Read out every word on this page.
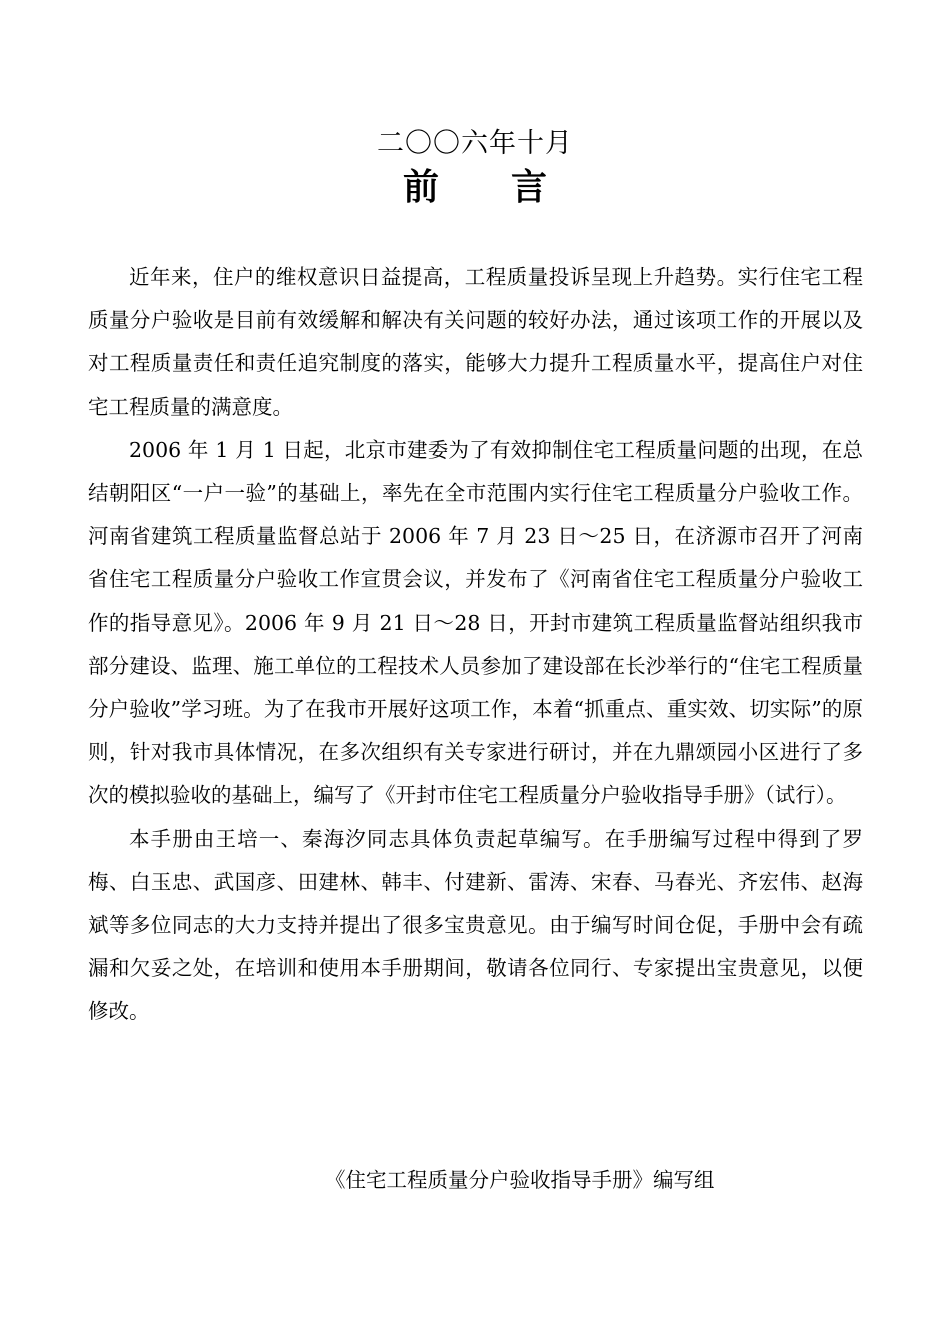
二〇〇六年十月
前 言

近年来，住户的维权意识日益提高，工程质量投诉呈现上升趋势。实行住宅工程质量分户验收是目前有效缓解和解决有关问题的较好办法，通过该项工作的开展以及对工程质量责任和责任追究制度的落实，能够大力提升工程质量水平，提高住户对住宅工程质量的满意度。

2006 年 1 月 1 日起，北京市建委为了有效抑制住宅工程质量问题的出现，在总结朝阳区“一户一验”的基础上，率先在全市范围内实行住宅工程质量分户验收工作。河南省建筑工程质量监督总站于 2006 年 7 月 23 日～25 日，在济源市召开了河南省住宅工程质量分户验收工作宣贯会议，并发布了《河南省住宅工程质量分户验收工作的指导意见》。2006 年 9 月 21 日～28 日，开封市建筑工程质量监督站组织我市部分建设、监理、施工单位的工程技术人员参加了建设部在长沙举行的“住宅工程质量分户验收”学习班。为了在我市开展好这项工作，本着“抓重点、重实效、切实际”的原则，针对我市具体情况，在多次组织有关专家进行研讨，并在九鼎颂园小区进行了多次的模拟验收的基础上，编写了《开封市住宅工程质量分户验收指导手册》（试行）。

本手册由王培一、秦海汐同志具体负责起草编写。在手册编写过程中得到了罗梅、白玉忠、武国彦、田建林、韩丰、付建新、雷涛、宋春、马春光、齐宏伟、赵海斌等多位同志的大力支持并提出了很多宝贵意见。由于编写时间仓促，手册中会有疏漏和欠妥之处，在培训和使用本手册期间，敬请各位同行、专家提出宝贵意见，以便修改。

《住宅工程质量分户验收指导手册》编写组
